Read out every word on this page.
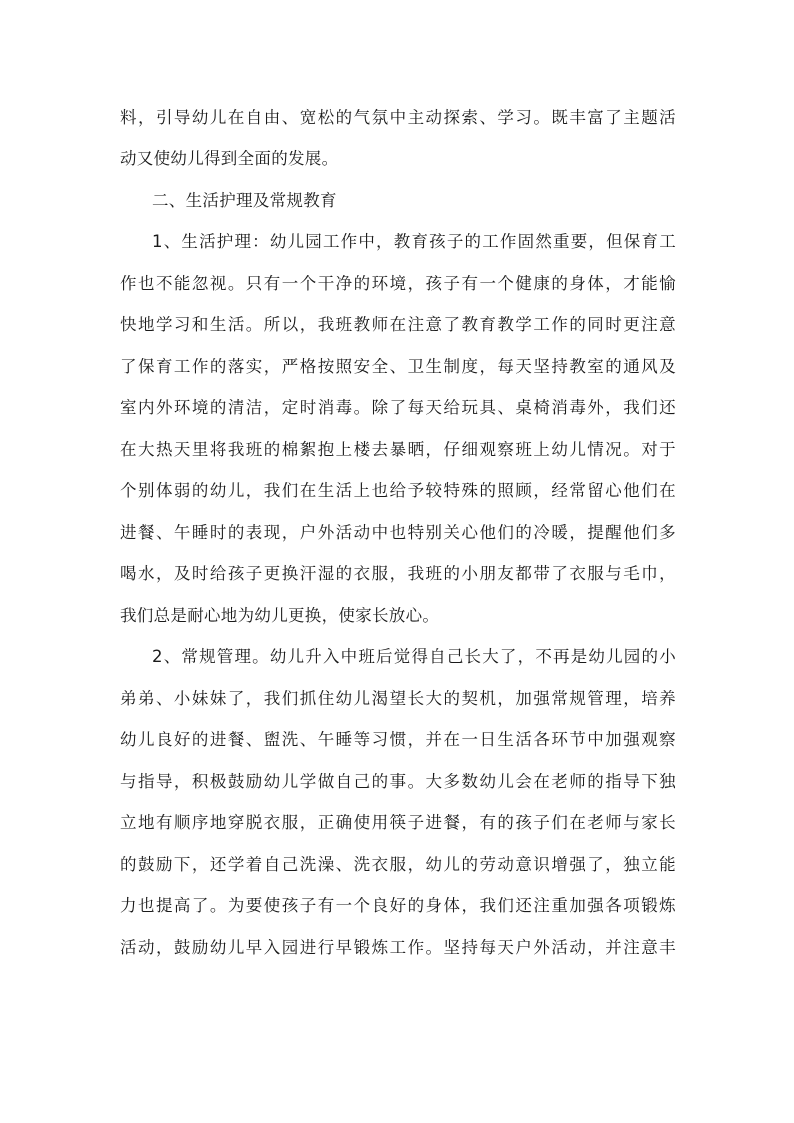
料，引导幼儿在自由、宽松的气氛中主动探索、学习。既丰富了主题活
动又使幼儿得到全面的发展。
二、生活护理及常规教育
1、生活护理：幼儿园工作中，教育孩子的工作固然重要，但保育工
作也不能忽视。只有一个干净的环境，孩子有一个健康的身体，才能愉
快地学习和生活。所以，我班教师在注意了教育教学工作的同时更注意
了保育工作的落实，严格按照安全、卫生制度，每天坚持教室的通风及
室内外环境的清洁，定时消毒。除了每天给玩具、桌椅消毒外，我们还
在大热天里将我班的棉絮抱上楼去暴晒，仔细观察班上幼儿情况。对于
个别体弱的幼儿，我们在生活上也给予较特殊的照顾，经常留心他们在
进餐、午睡时的表现，户外活动中也特别关心他们的冷暖，提醒他们多
喝水，及时给孩子更换汗湿的衣服，我班的小朋友都带了衣服与毛巾，
我们总是耐心地为幼儿更换，使家长放心。
2、常规管理。幼儿升入中班后觉得自己长大了，不再是幼儿园的小
弟弟、小妹妹了，我们抓住幼儿渴望长大的契机，加强常规管理，培养
幼儿良好的进餐、盥洗、午睡等习惯，并在一日生活各环节中加强观察
与指导，积极鼓励幼儿学做自己的事。大多数幼儿会在老师的指导下独
立地有顺序地穿脱衣服，正确使用筷子进餐，有的孩子们在老师与家长
的鼓励下，还学着自己洗澡、洗衣服，幼儿的劳动意识增强了，独立能
力也提高了。为要使孩子有一个良好的身体，我们还注重加强各项锻炼
活动，鼓励幼儿早入园进行早锻炼工作。坚持每天户外活动，并注意丰
